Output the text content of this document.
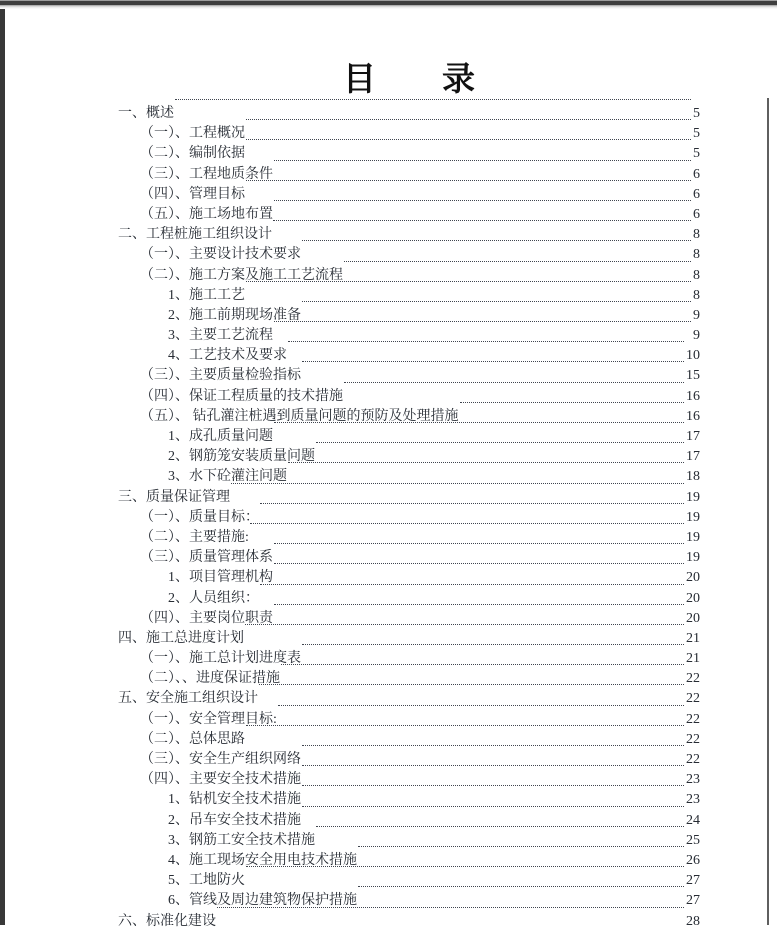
目　　录
一、概述	5
（一）、工程概况	5
（二）、编制依据	5
（三）、工程地质条件	6
（四）、管理目标	6
（五）、施工场地布置	6
二、工程桩施工组织设计	8
（一）、主要设计技术要求	8
（二）、施工方案及施工工艺流程	8
1、施工工艺	8
2、施工前期现场准备	9
3、主要工艺流程	9
4、工艺技术及要求	10
（三）、主要质量检验指标	15
（四）、保证工程质量的技术措施	16
（五）、 钻孔灌注桩遇到质量问题的预防及处理措施	16
1、成孔质量问题	17
2、钢筋笼安装质量问题	17
3、水下砼灌注问题	18
三、质量保证管理	19
（一）、质量目标：	19
（二）、主要措施:	19
（三）、质量管理体系	19
1、项目管理机构	20
2、人员组织：	20
（四）、主要岗位职责	20
四、施工总进度计划	21
（一）、施工总计划进度表	21
（二）、、进度保证措施	22
五、安全施工组织设计	22
（一）、安全管理目标:	22
（二）、总体思路	22
（三）、安全生产组织网络	22
（四）、主要安全技术措施	23
1、钻机安全技术措施	23
2、吊车安全技术措施	24
3、钢筋工安全技术措施	25
4、施工现场安全用电技术措施	26
5、工地防火	27
6、管线及周边建筑物保护措施	27
六、标准化建设	28
